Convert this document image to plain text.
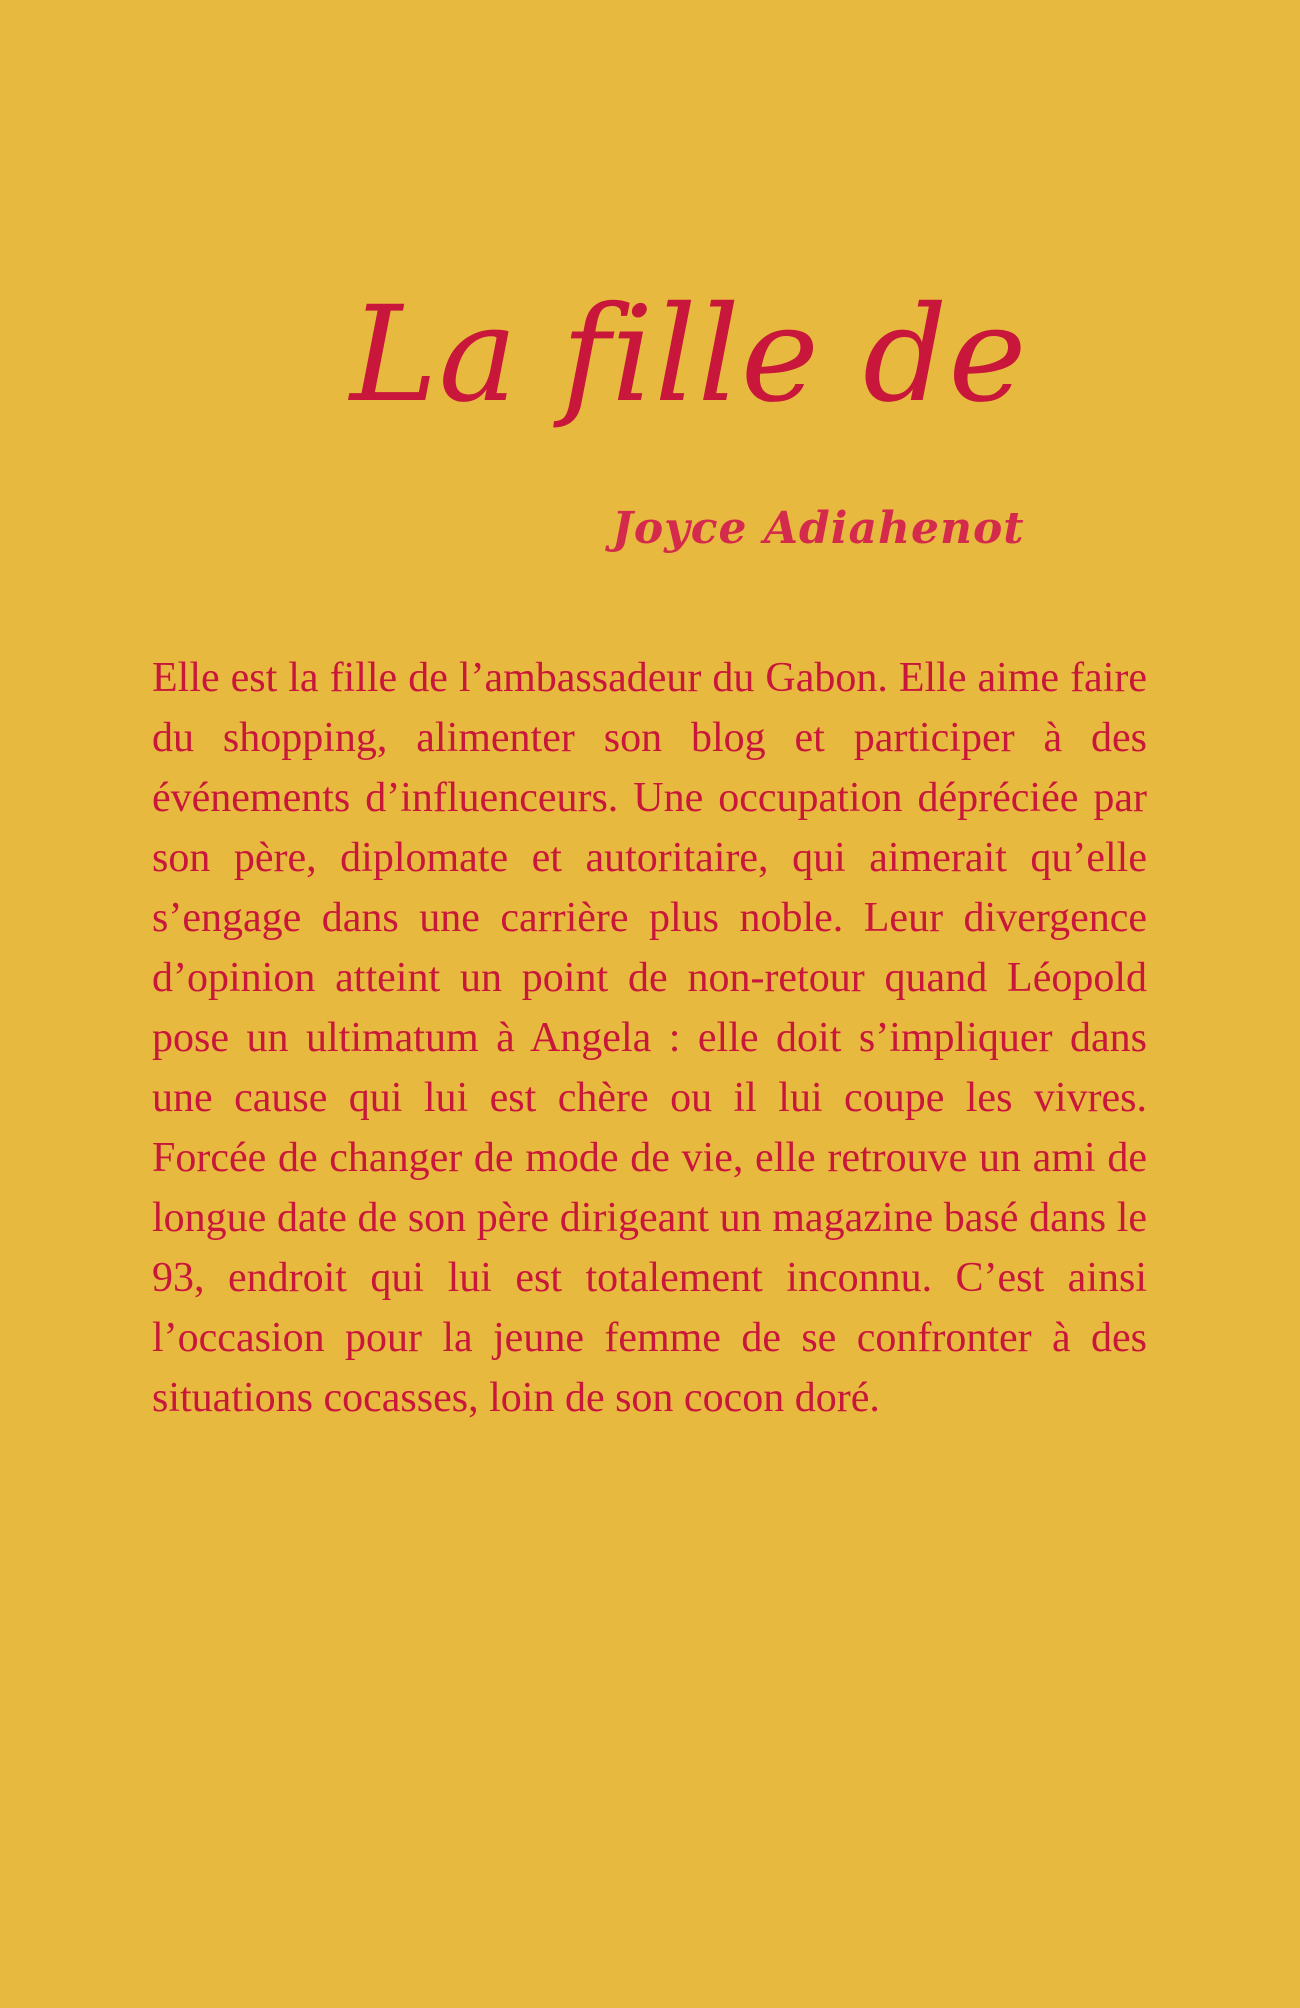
La fille de
Joyce Adiahenot

Elle est la fille de l’ambassadeur du Gabon. Elle aime faire du shopping, alimenter son blog et participer à des événements d’influenceurs. Une occupation dépréciée par son père, diplomate et autoritaire, qui aimerait qu’elle s’engage dans une carrière plus noble. Leur divergence d’opinion atteint un point de non-retour quand Léopold pose un ultimatum à Angela : elle doit s’impliquer dans une cause qui lui est chère ou il lui coupe les vivres. Forcée de changer de mode de vie, elle retrouve un ami de longue date de son père dirigeant un magazine basé dans le 93, endroit qui lui est totalement inconnu. C’est ainsi l’occasion pour la jeune femme de se confronter à des situations cocasses, loin de son cocon doré.
